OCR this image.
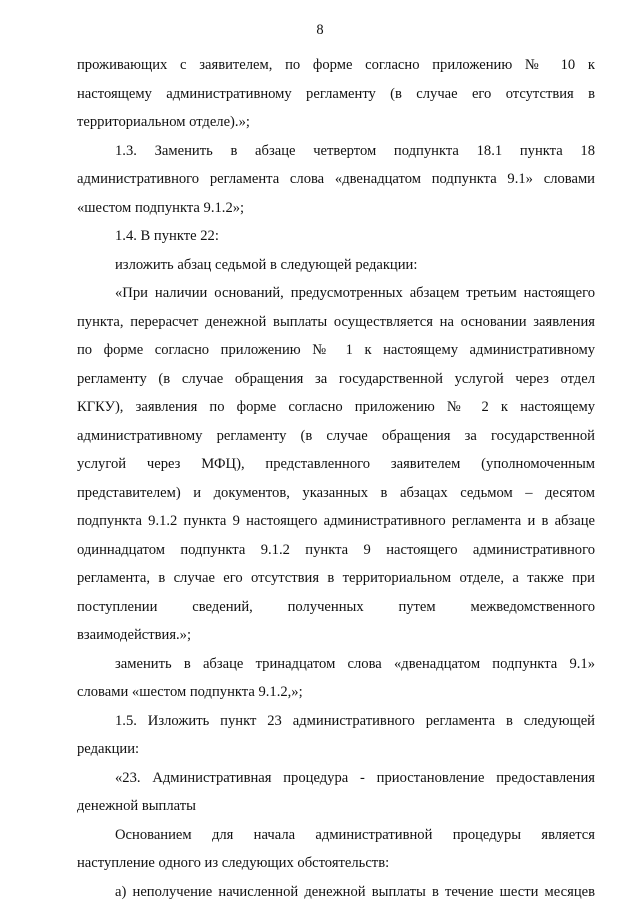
8
проживающих с заявителем, по форме согласно приложению № 10 к
настоящему административному регламенту (в случае его отсутствия в
территориальном отделе).»;
1.3. Заменить в абзаце четвертом подпункта 18.1 пункта 18
административного регламента слова «двенадцатом подпункта 9.1» словами
«шестом подпункта 9.1.2»;
1.4. В пункте 22:
изложить абзац седьмой в следующей редакции:
«При наличии оснований, предусмотренных абзацем третьим настоящего
пункта, перерасчет денежной выплаты осуществляется на основании заявления
по форме согласно приложению № 1 к настоящему административному
регламенту (в случае обращения за государственной услугой через отдел
КГКУ), заявления по форме согласно приложению № 2 к настоящему
административному регламенту (в случае обращения за государственной
услугой через МФЦ), представленного заявителем (уполномоченным
представителем) и документов, указанных в абзацах седьмом – десятом
подпункта 9.1.2 пункта 9 настоящего административного регламента и в абзаце
одиннадцатом подпункта 9.1.2 пункта 9 настоящего административного
регламента, в случае его отсутствия в территориальном отделе, а также при
поступлении сведений, полученных путем межведомственного
взаимодействия.»;
заменить в абзаце тринадцатом слова «двенадцатом подпункта 9.1»
словами «шестом подпункта 9.1.2,»;
1.5. Изложить пункт 23 административного регламента в следующей
редакции:
«23. Административная процедура - приостановление предоставления
денежной выплаты
Основанием для начала административной процедуры является
наступление одного из следующих обстоятельств:
а) неполучение начисленной денежной выплаты в течение шести месяцев
